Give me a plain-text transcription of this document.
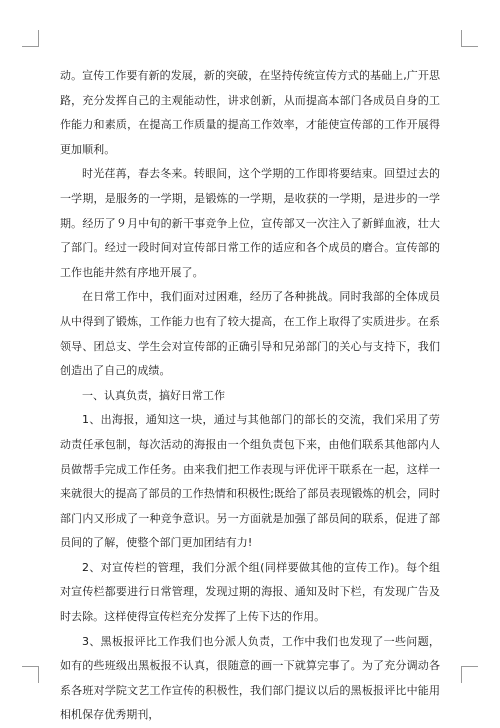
动。宣传工作要有新的发展，新的突破，在坚持传统宣传方式的基础上,广开思路，充分发挥自己的主观能动性，讲求创新，从而提高本部门各成员自身的工作能力和素质，在提高工作质量的提高工作效率，才能使宣传部的工作开展得更加顺利。

时光荏苒，春去冬来。转眼间，这个学期的工作即将要结束。回望过去的一学期，是服务的一学期，是锻炼的一学期，是收获的一学期，是进步的一学期。经历了９月中旬的新干事竞争上位，宣传部又一次注入了新鲜血液，壮大了部门。经过一段时间对宣传部日常工作的适应和各个成员的磨合。宣传部的工作也能井然有序地开展了。

在日常工作中，我们面对过困难，经历了各种挑战。同时我部的全体成员从中得到了锻炼，工作能力也有了较大提高，在工作上取得了实质进步。在系领导、团总支、学生会对宣传部的正确引导和兄弟部门的关心与支持下，我们创造出了自己的成绩。

一、认真负责，搞好日常工作

1、出海报，通知这一块，通过与其他部门的部长的交流，我们采用了劳动责任承包制，每次活动的海报由一个组负责包下来，由他们联系其他部内人员做帮手完成工作任务。由来我们把工作表现与评优评干联系在一起，这样一来就很大的提高了部员的工作热情和积极性;既给了部员表现锻炼的机会，同时部门内又形成了一种竞争意识。另一方面就是加强了部员间的联系，促进了部员间的了解，使整个部门更加团结有力!

2、对宣传栏的管理，我们分派个组(同样要做其他的宣传工作)。每个组对宣传栏都要进行日常管理，发现过期的海报、通知及时下栏，有发现广告及时去除。这样使得宣传栏充分发挥了上传下达的作用。

3、黑板报评比工作我们也分派人负责，工作中我们也发现了一些问题，如有的些班级出黑板报不认真，很随意的画一下就算完事了。为了充分调动各系各班对学院文艺工作宣传的积极性，我们部门提议以后的黑板报评比中能用相机保存优秀期刊，
